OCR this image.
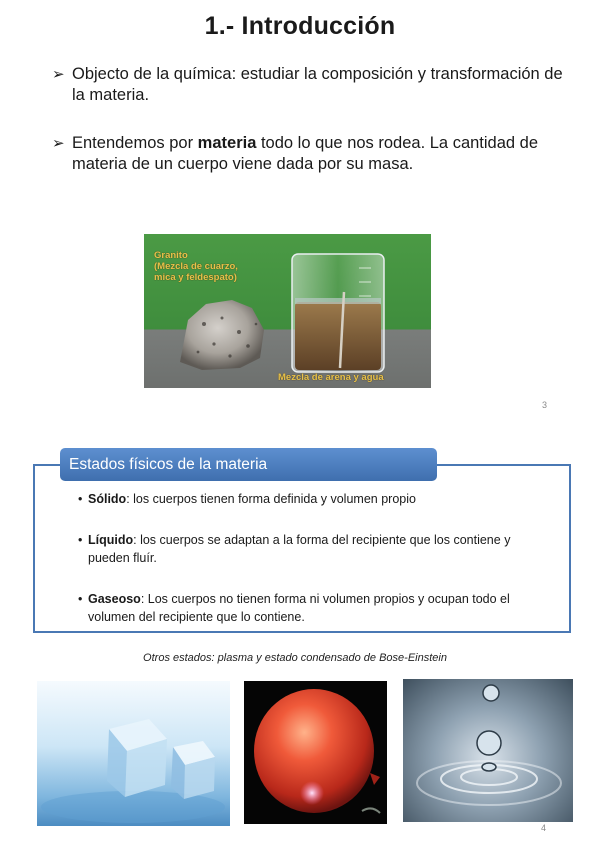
1.- Introducción
➢ Objecto de la química: estudiar la composición y transformación de la materia.
➢ Entendemos por materia todo lo que nos rodea. La cantidad de materia de un cuerpo viene dada por su masa.
Granito
(Mezcla de cuarzo,
mica y feldespato)
Mezcla de arena y agua
3
Estados físicos de la materia
• Sólido: los cuerpos tienen forma definida y volumen propio
• Líquido: los cuerpos se adaptan a la forma del recipiente que los contiene y pueden fluír.
• Gaseoso: Los cuerpos no tienen forma ni volumen propios y ocupan todo el volumen del recipiente que lo contiene.
Otros estados: plasma y estado condensado de Bose-Einstein
4
